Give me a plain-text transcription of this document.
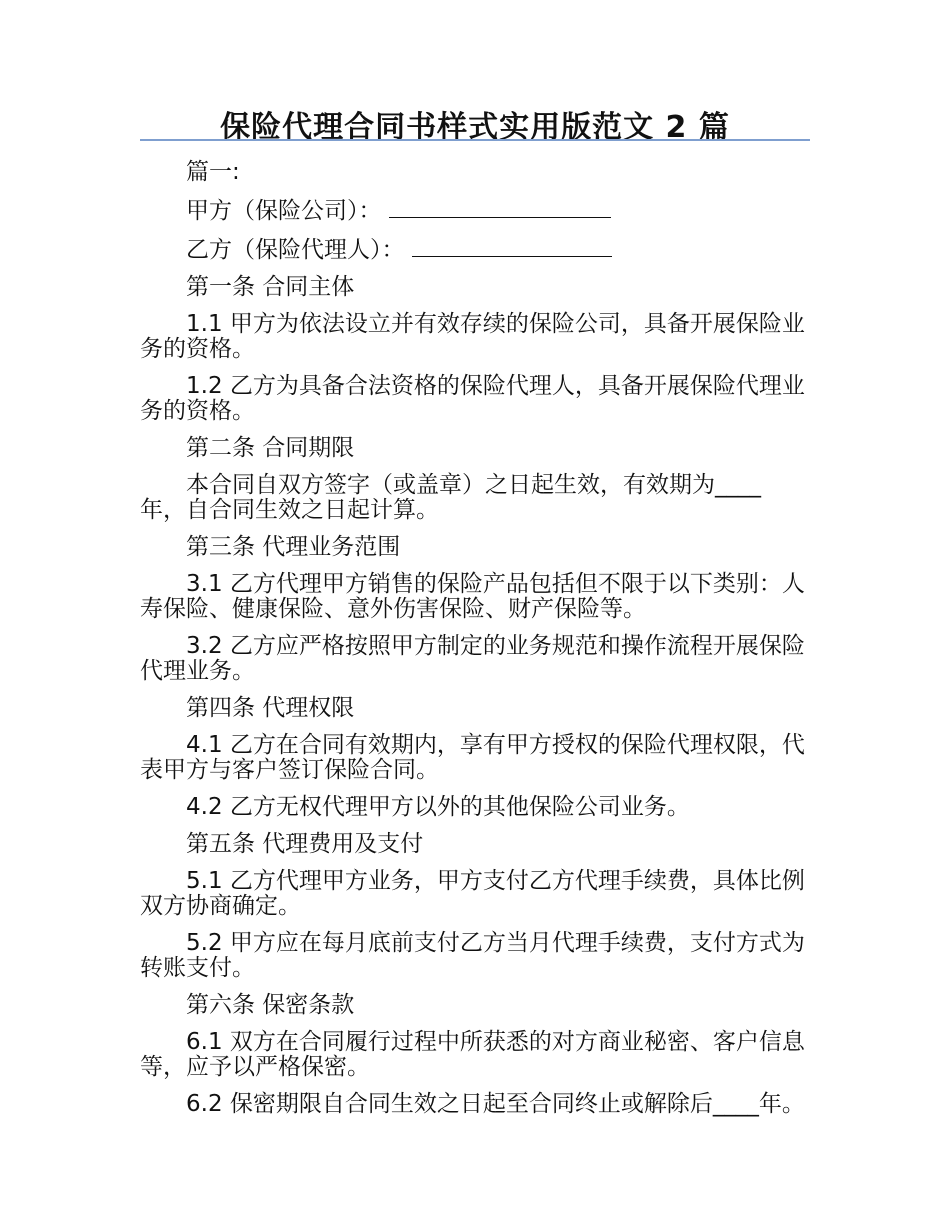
保险代理合同书样式实用版范文 2 篇

篇一:

甲方（保险公司）：

乙方（保险代理人）：

第一条 合同主体

1.1 甲方为依法设立并有效存续的保险公司，具备开展保险业务的资格。

1.2 乙方为具备合法资格的保险代理人，具备开展保险代理业务的资格。

第二条 合同期限

本合同自双方签字（或盖章）之日起生效，有效期为____年，自合同生效之日起计算。

第三条 代理业务范围

3.1 乙方代理甲方销售的保险产品包括但不限于以下类别：人寿保险、健康保险、意外伤害保险、财产保险等。

3.2 乙方应严格按照甲方制定的业务规范和操作流程开展保险代理业务。

第四条 代理权限

4.1 乙方在合同有效期内，享有甲方授权的保险代理权限，代表甲方与客户签订保险合同。

4.2 乙方无权代理甲方以外的其他保险公司业务。

第五条 代理费用及支付

5.1 乙方代理甲方业务，甲方支付乙方代理手续费，具体比例双方协商确定。

5.2 甲方应在每月底前支付乙方当月代理手续费，支付方式为转账支付。

第六条 保密条款

6.1 双方在合同履行过程中所获悉的对方商业秘密、客户信息等，应予以严格保密。

6.2 保密期限自合同生效之日起至合同终止或解除后____年。
